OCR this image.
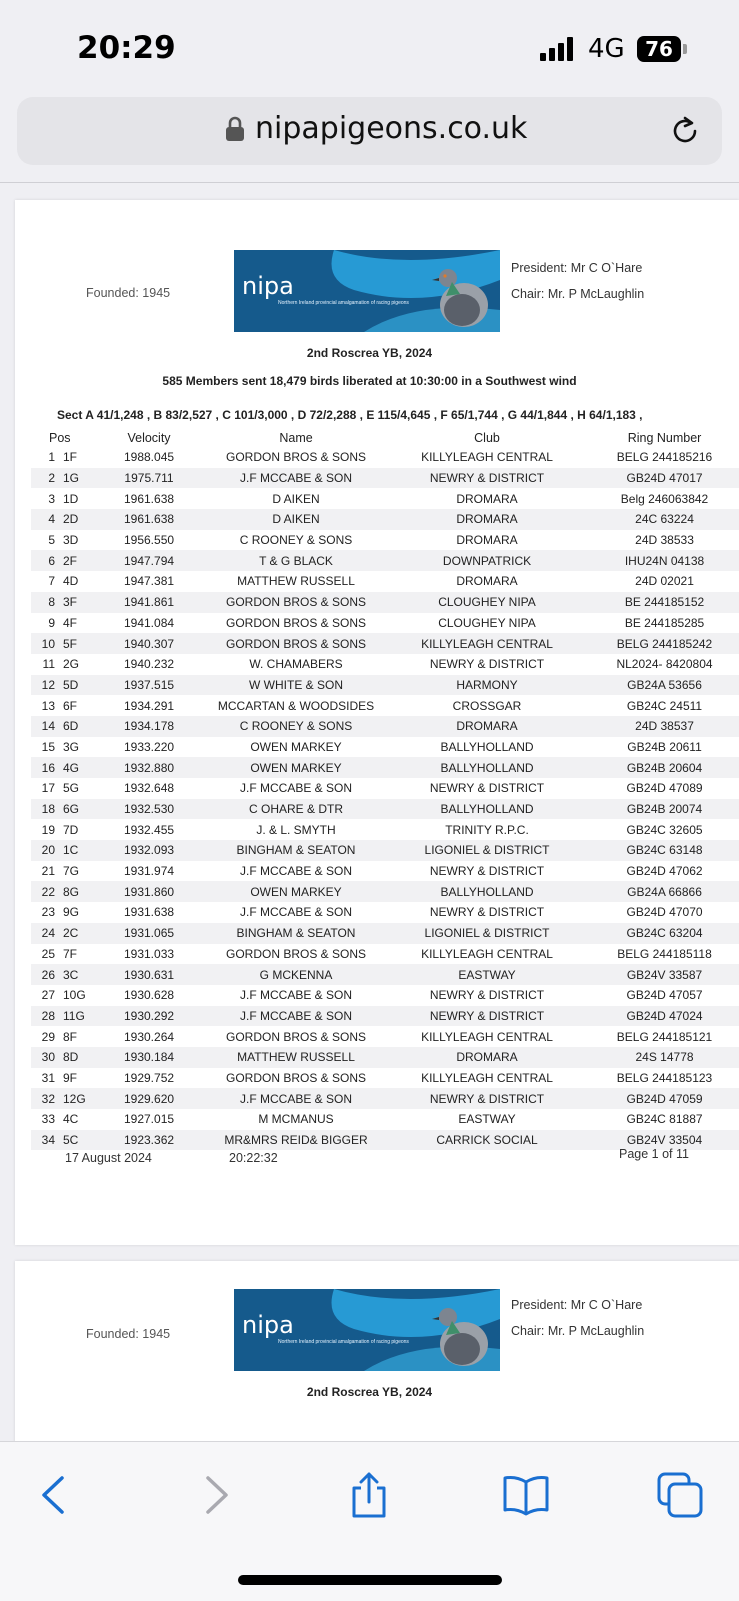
20:29	4G	76
nipapigeons.co.uk
Founded: 1945	nipa
Northern Ireland provincial amalgamation of racing pigeons
President: Mr C O`Hare
Chair: Mr. P McLaughlin
2nd Roscrea YB, 2024
585 Members sent 18,479 birds liberated at 10:30:00 in a Southwest wind
Sect A 41/1,248 , B 83/2,527 , C 101/3,000 , D 72/2,288 , E 115/4,645 , F 65/1,744 , G 44/1,844 , H 64/1,183 ,
Pos		Velocity	Name	Club	Ring Number
1	1F	1988.045	GORDON BROS & SONS	KILLYLEAGH CENTRAL	BELG 244185216
2	1G	1975.711	J.F MCCABE & SON	NEWRY & DISTRICT	GB24D 47017
3	1D	1961.638	D AIKEN	DROMARA	Belg 246063842
4	2D	1961.638	D AIKEN	DROMARA	24C 63224
5	3D	1956.550	C ROONEY & SONS	DROMARA	24D 38533
6	2F	1947.794	T & G BLACK	DOWNPATRICK	IHU24N 04138
7	4D	1947.381	MATTHEW RUSSELL	DROMARA	24D 02021
8	3F	1941.861	GORDON BROS & SONS	CLOUGHEY NIPA	BE 244185152
9	4F	1941.084	GORDON BROS & SONS	CLOUGHEY NIPA	BE 244185285
10	5F	1940.307	GORDON BROS & SONS	KILLYLEAGH CENTRAL	BELG 244185242
11	2G	1940.232	W. CHAMABERS	NEWRY & DISTRICT	NL2024- 8420804
12	5D	1937.515	W WHITE & SON	HARMONY	GB24A 53656
13	6F	1934.291	MCCARTAN & WOODSIDES	CROSSGAR	GB24C 24511
14	6D	1934.178	C ROONEY & SONS	DROMARA	24D 38537
15	3G	1933.220	OWEN MARKEY	BALLYHOLLAND	GB24B 20611
16	4G	1932.880	OWEN MARKEY	BALLYHOLLAND	GB24B 20604
17	5G	1932.648	J.F MCCABE & SON	NEWRY & DISTRICT	GB24D 47089
18	6G	1932.530	C OHARE & DTR	BALLYHOLLAND	GB24B 20074
19	7D	1932.455	J. & L. SMYTH	TRINITY R.P.C.	GB24C 32605
20	1C	1932.093	BINGHAM & SEATON	LIGONIEL & DISTRICT	GB24C 63148
21	7G	1931.974	J.F MCCABE & SON	NEWRY & DISTRICT	GB24D 47062
22	8G	1931.860	OWEN MARKEY	BALLYHOLLAND	GB24A 66866
23	9G	1931.638	J.F MCCABE & SON	NEWRY & DISTRICT	GB24D 47070
24	2C	1931.065	BINGHAM & SEATON	LIGONIEL & DISTRICT	GB24C 63204
25	7F	1931.033	GORDON BROS & SONS	KILLYLEAGH CENTRAL	BELG 244185118
26	3C	1930.631	G MCKENNA	EASTWAY	GB24V 33587
27	10G	1930.628	J.F MCCABE & SON	NEWRY & DISTRICT	GB24D 47057
28	11G	1930.292	J.F MCCABE & SON	NEWRY & DISTRICT	GB24D 47024
29	8F	1930.264	GORDON BROS & SONS	KILLYLEAGH CENTRAL	BELG 244185121
30	8D	1930.184	MATTHEW RUSSELL	DROMARA	24S 14778
31	9F	1929.752	GORDON BROS & SONS	KILLYLEAGH CENTRAL	BELG 244185123
32	12G	1929.620	J.F MCCABE & SON	NEWRY & DISTRICT	GB24D 47059
33	4C	1927.015	M MCMANUS	EASTWAY	GB24C 81887
34	5C	1923.362	MR&MRS REID& BIGGER	CARRICK SOCIAL	GB24V 33504
17 August 2024	20:22:32	Page 1 of 11
Founded: 1945	nipa
Northern Ireland provincial amalgamation of racing pigeons
President: Mr C O`Hare
Chair: Mr. P McLaughlin
2nd Roscrea YB, 2024
